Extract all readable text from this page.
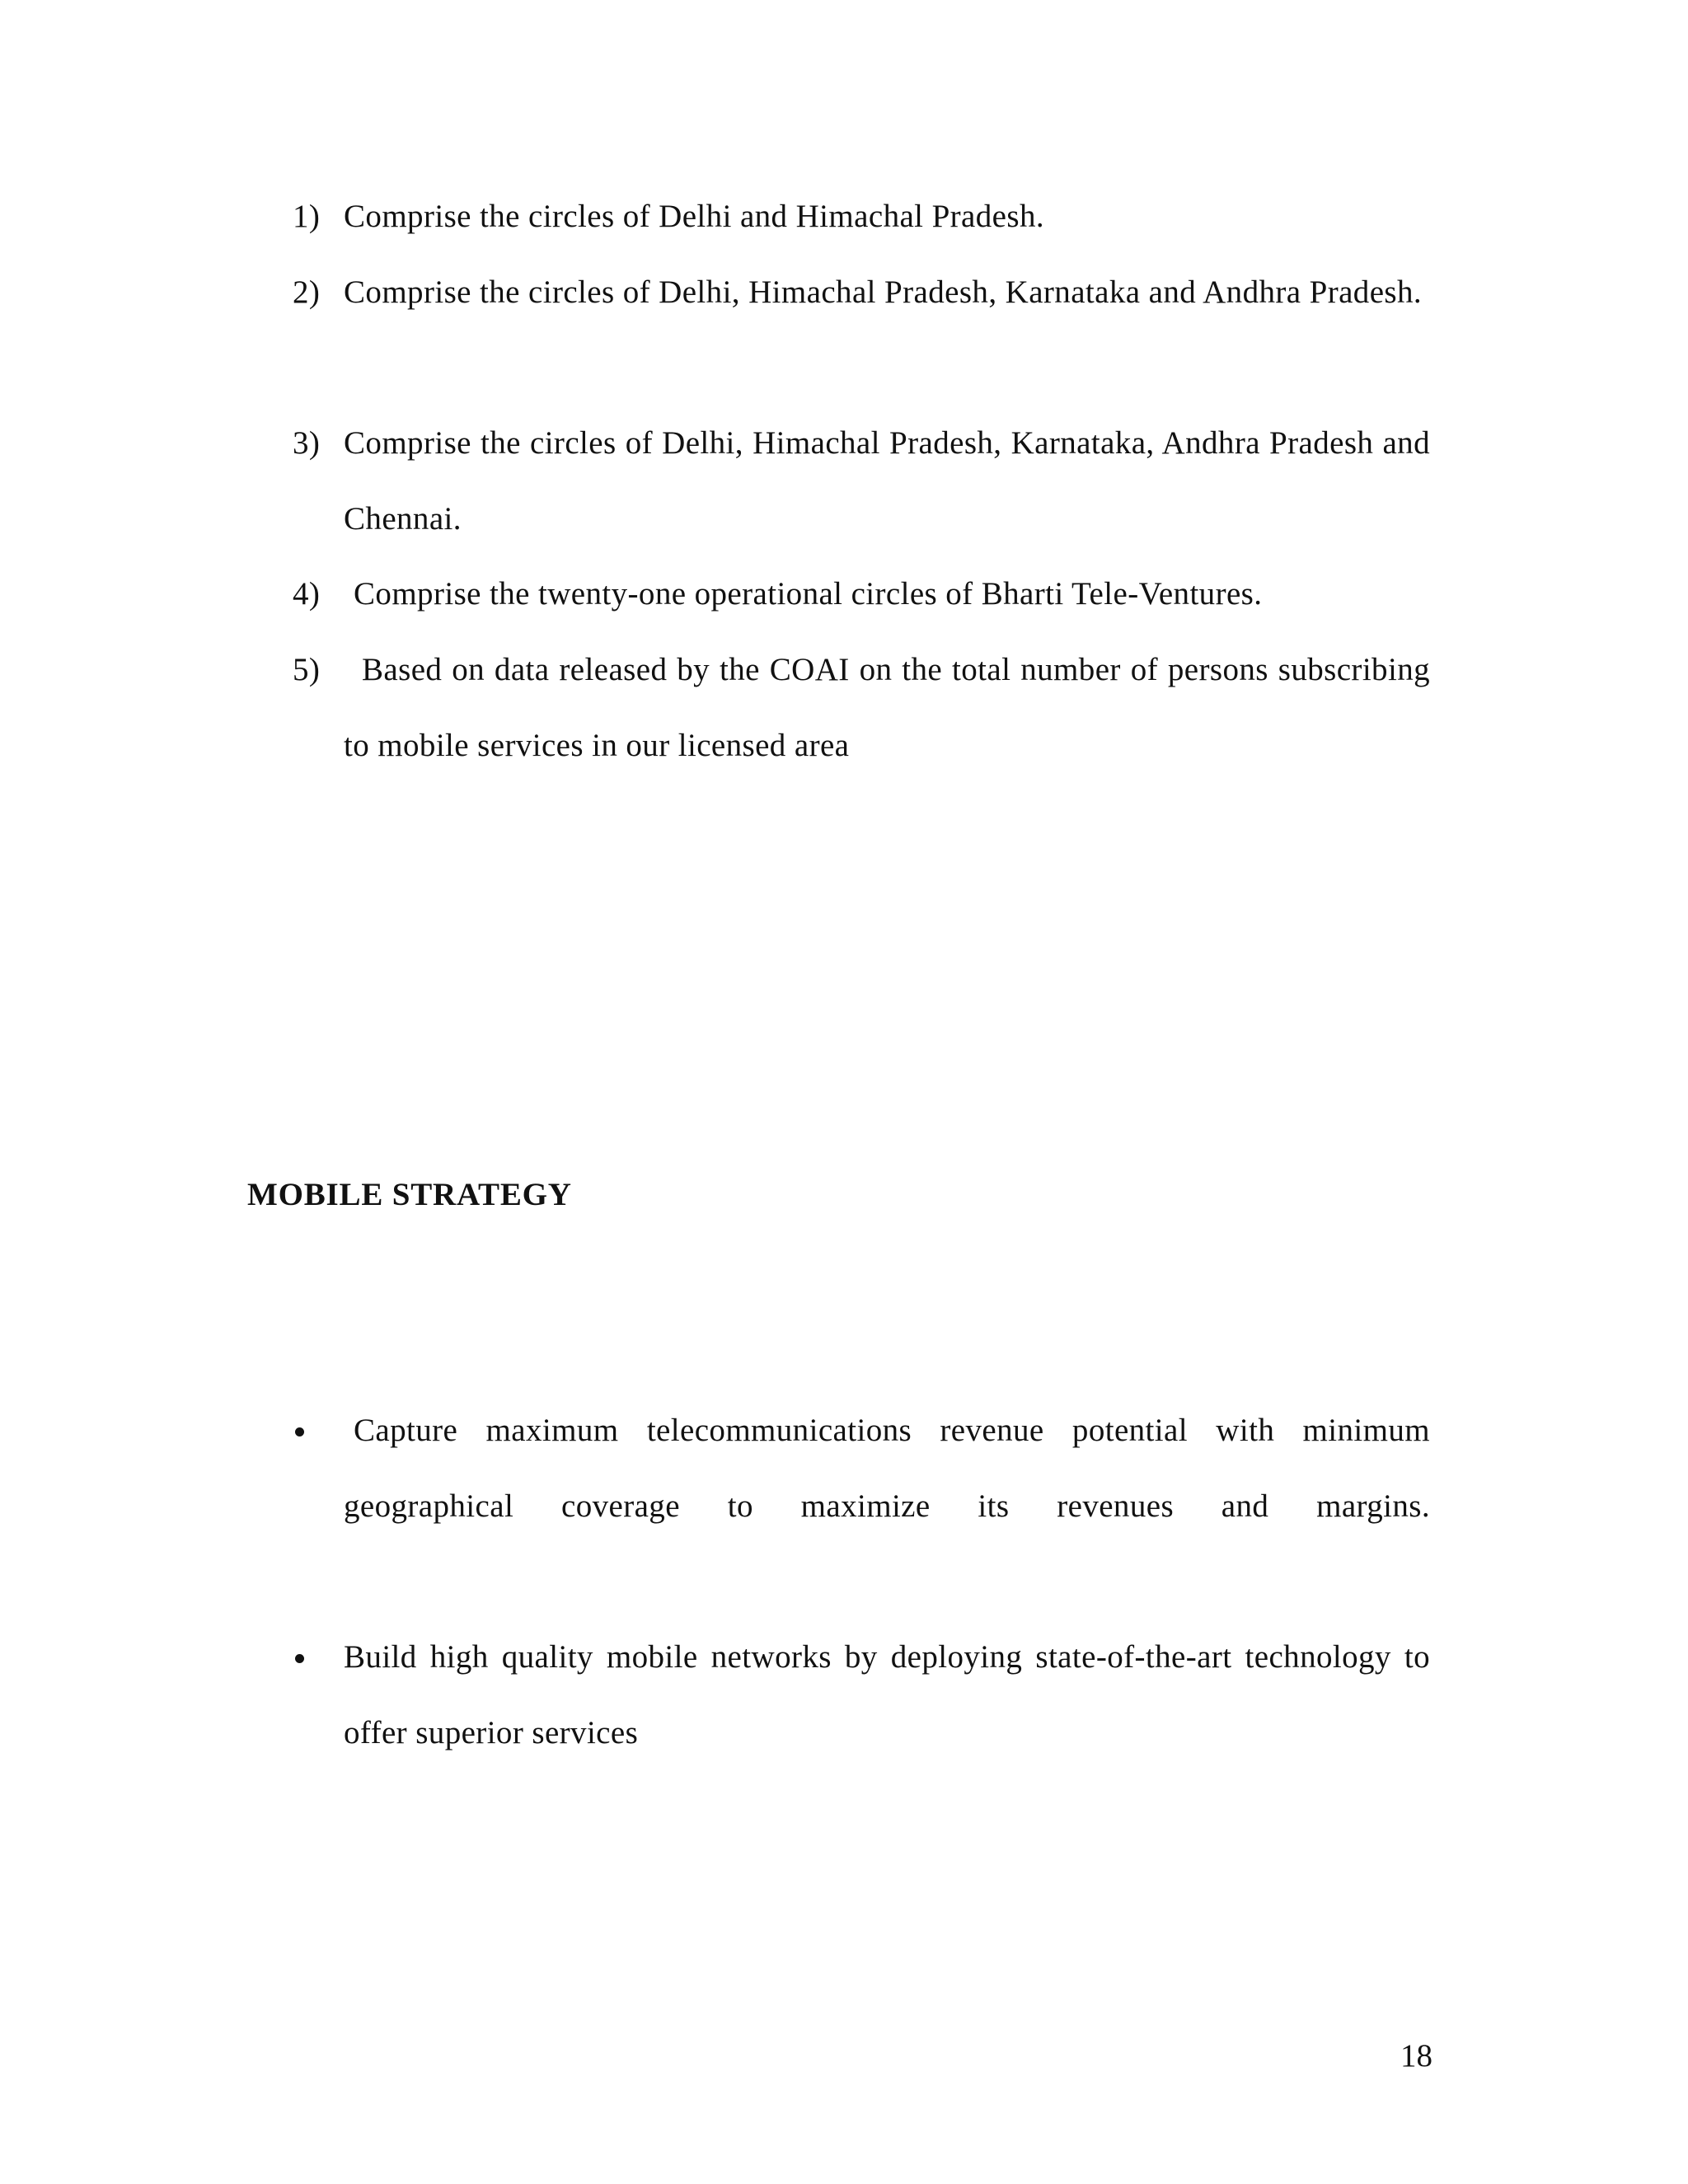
1) Comprise the circles of Delhi and Himachal Pradesh.
2) Comprise the circles of Delhi, Himachal Pradesh, Karnataka and Andhra Pradesh.
3) Comprise the circles of Delhi, Himachal Pradesh, Karnataka, Andhra Pradesh and Chennai.
4) Comprise the twenty-one operational circles of Bharti Tele-Ventures.
5)	Based on data released by the COAI on the total number of persons subscribing to mobile services in our licensed area
MOBILE STRATEGY
Capture maximum telecommunications revenue potential with minimum geographical coverage to maximize its revenues and margins.
Build high quality mobile networks by deploying state-of-the-art technology to offer superior services
18
